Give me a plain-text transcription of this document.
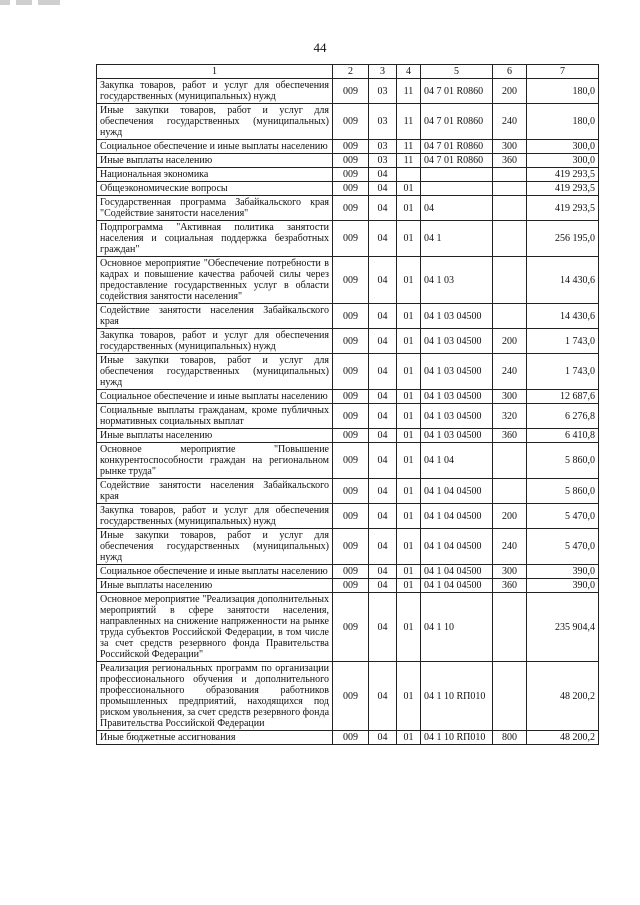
44
1	2	3	4	5	6	7
Закупка товаров, работ и услуг для обеспечения государственных (муниципальных) нужд	009	03	11	04 7 01 R0860	200	180,0
Иные закупки товаров, работ и услуг для обеспечения государственных (муниципальных) нужд	009	03	11	04 7 01 R0860	240	180,0
Социальное обеспечение и иные выплаты населению	009	03	11	04 7 01 R0860	300	300,0
Иные выплаты населению	009	03	11	04 7 01 R0860	360	300,0
Национальная экономика	009	04				419 293,5
Общеэкономические вопросы	009	04	01			419 293,5
Государственная программа Забайкальского края "Содействие занятости населения"	009	04	01	04		419 293,5
Подпрограмма "Активная политика занятости населения и социальная поддержка безработных граждан"	009	04	01	04 1		256 195,0
Основное мероприятие "Обеспечение потребности в кадрах и повышение качества рабочей силы через предоставление государственных услуг в области содействия занятости населения"	009	04	01	04 1 03		14 430,6
Содействие занятости населения Забайкальского края	009	04	01	04 1 03 04500		14 430,6
Закупка товаров, работ и услуг для обеспечения государственных (муниципальных) нужд	009	04	01	04 1 03 04500	200	1 743,0
Иные закупки товаров, работ и услуг для обеспечения государственных (муниципальных) нужд	009	04	01	04 1 03 04500	240	1 743,0
Социальное обеспечение и иные выплаты населению	009	04	01	04 1 03 04500	300	12 687,6
Социальные выплаты гражданам, кроме публичных нормативных социальных выплат	009	04	01	04 1 03 04500	320	6 276,8
Иные выплаты населению	009	04	01	04 1 03 04500	360	6 410,8
Основное мероприятие "Повышение конкурентоспособности граждан на региональном рынке труда"	009	04	01	04 1 04		5 860,0
Содействие занятости населения Забайкальского края	009	04	01	04 1 04 04500		5 860,0
Закупка товаров, работ и услуг для обеспечения государственных (муниципальных) нужд	009	04	01	04 1 04 04500	200	5 470,0
Иные закупки товаров, работ и услуг для обеспечения государственных (муниципальных) нужд	009	04	01	04 1 04 04500	240	5 470,0
Социальное обеспечение и иные выплаты населению	009	04	01	04 1 04 04500	300	390,0
Иные выплаты населению	009	04	01	04 1 04 04500	360	390,0
Основное мероприятие "Реализация дополнительных мероприятий в сфере занятости населения, направленных на снижение напряженности на рынке труда субъектов Российской Федерации, в том числе за счет средств резервного фонда Правительства Российской Федерации"	009	04	01	04 1 10		235 904,4
Реализация региональных программ по организации профессионального обучения и дополнительного профессионального образования работников промышленных предприятий, находящихся под риском увольнения, за счет средств резервного фонда Правительства Российской Федерации	009	04	01	04 1 10 RП010		48 200,2
Иные бюджетные ассигнования	009	04	01	04 1 10 RП010	800	48 200,2
